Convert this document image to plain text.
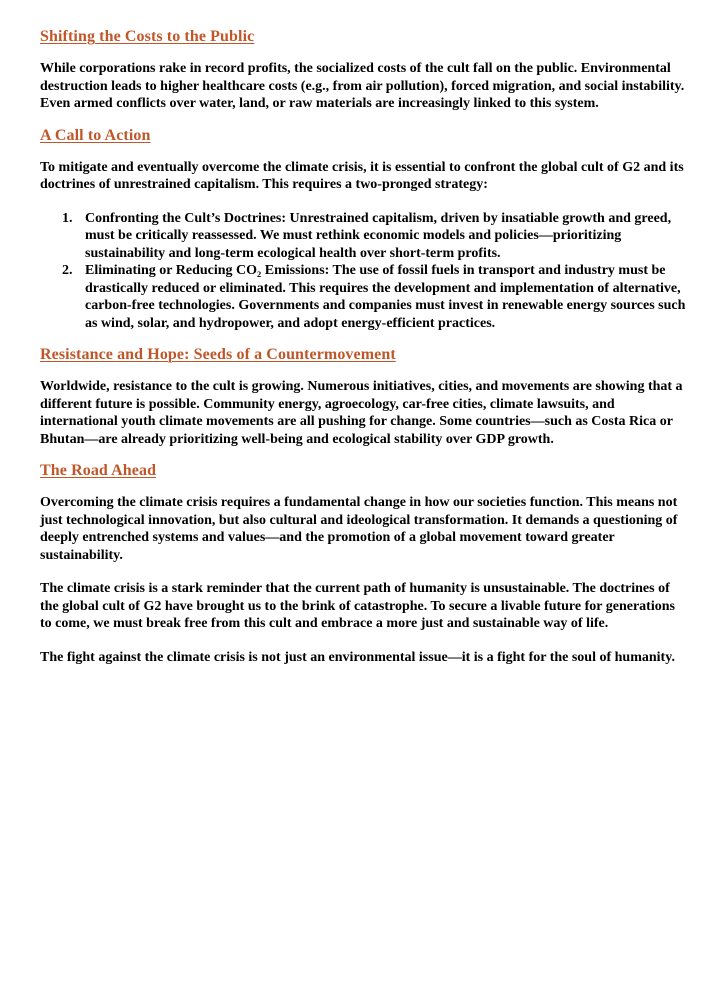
Shifting the Costs to the Public

While corporations rake in record profits, the socialized costs of the cult fall on the public. Environmental destruction leads to higher healthcare costs (e.g., from air pollution), forced migration, and social instability. Even armed conflicts over water, land, or raw materials are increasingly linked to this system.

A Call to Action

To mitigate and eventually overcome the climate crisis, it is essential to confront the global cult of G2 and its doctrines of unrestrained capitalism. This requires a two-pronged strategy:

1. Confronting the Cult’s Doctrines: Unrestrained capitalism, driven by insatiable growth and greed, must be critically reassessed. We must rethink economic models and policies—prioritizing sustainability and long-term ecological health over short-term profits.
2. Eliminating or Reducing CO₂ Emissions: The use of fossil fuels in transport and industry must be drastically reduced or eliminated. This requires the development and implementation of alternative, carbon-free technologies. Governments and companies must invest in renewable energy sources such as wind, solar, and hydropower, and adopt energy-efficient practices.
Resistance and Hope: Seeds of a Countermovement

Worldwide, resistance to the cult is growing. Numerous initiatives, cities, and movements are showing that a different future is possible. Community energy, agroecology, car-free cities, climate lawsuits, and international youth climate movements are all pushing for change. Some countries—such as Costa Rica or Bhutan—are already prioritizing well-being and ecological stability over GDP growth.

The Road Ahead

Overcoming the climate crisis requires a fundamental change in how our societies function. This means not just technological innovation, but also cultural and ideological transformation. It demands a questioning of deeply entrenched systems and values—and the promotion of a global movement toward greater sustainability.

The climate crisis is a stark reminder that the current path of humanity is unsustainable. The doctrines of the global cult of G2 have brought us to the brink of catastrophe. To secure a livable future for generations to come, we must break free from this cult and embrace a more just and sustainable way of life.

The fight against the climate crisis is not just an environmental issue—it is a fight for the soul of humanity.
